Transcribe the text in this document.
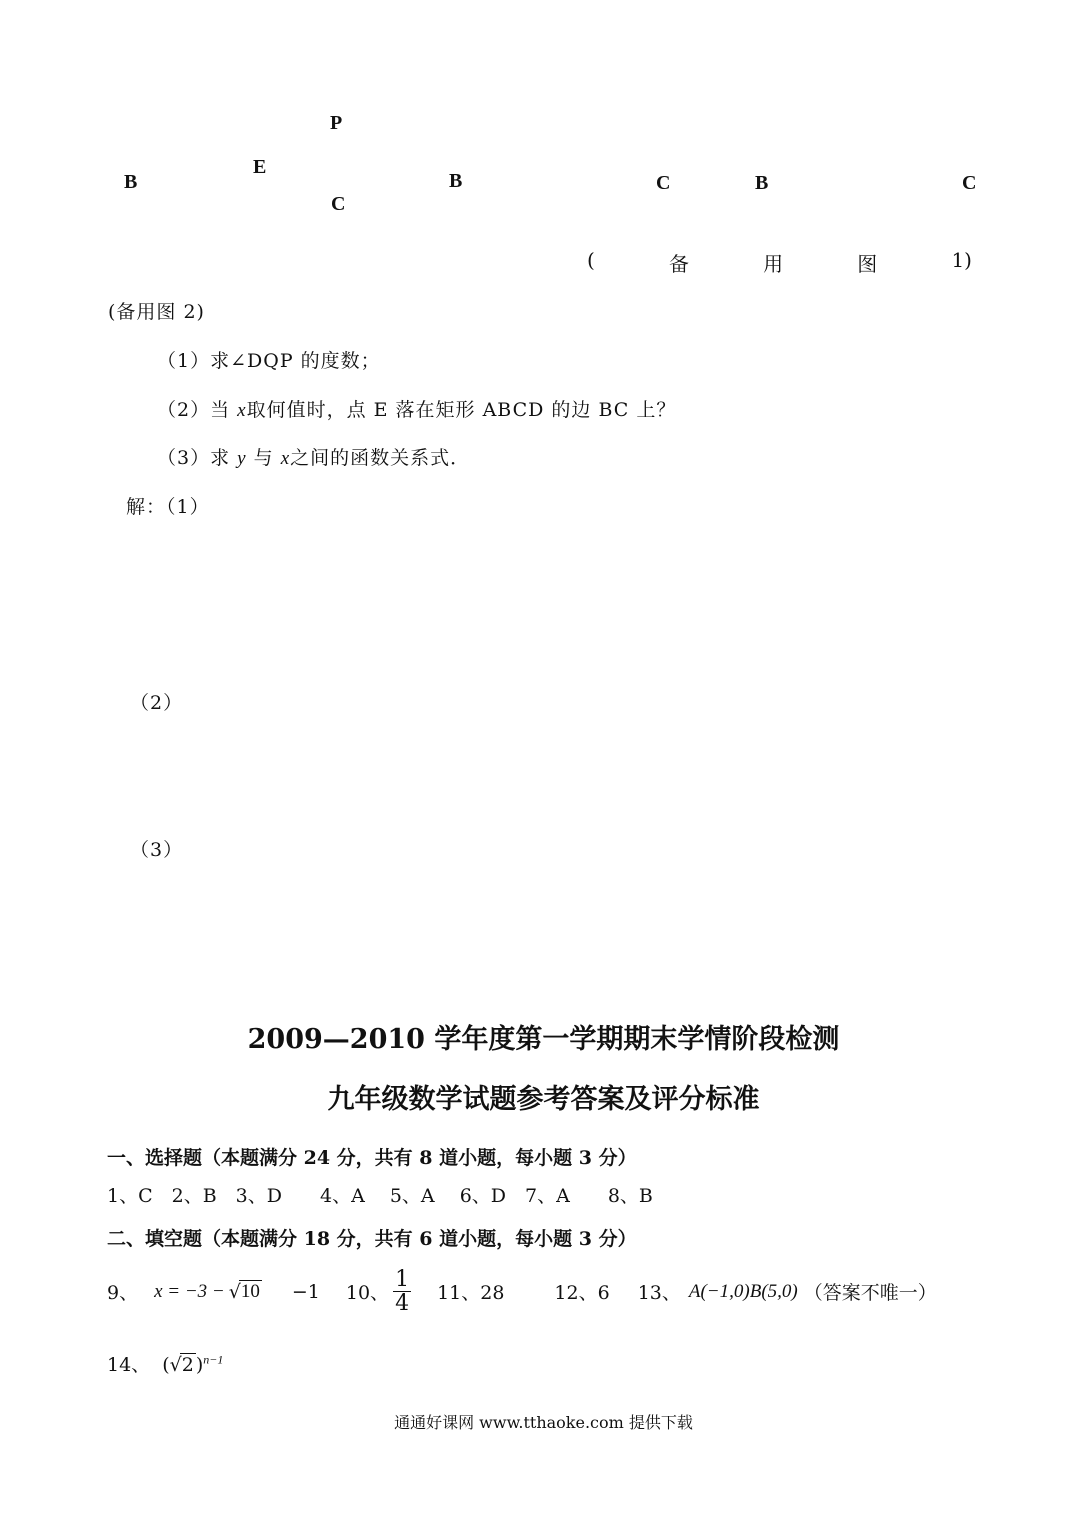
P
E
B
C
B	C	B	C
(	备	用	图	1)
(备用图 2)
（1）求∠DQP 的度数；
（2）当 x取何值时，点 E 落在矩形 ABCD 的边 BC 上？
（3）求 y 与 x之间的函数关系式．
解：（1）
（2）
（3）
2009—2010 学年度第一学期期末学情阶段检测
九年级数学试题参考答案及评分标准
一、选择题（本题满分 24 分，共有 8 道小题，每小题 3 分）
1、C　2、B　3、D　　4、A　 5、A　 6、D　7、A　　8、B
二、填空题（本题满分 18 分，共有 6 道小题，每小题 3 分）
9、 x = −3 − √ 10 −1 10、 $\frac{1}{4} 11$、28	12、6 13、 A(−1,0)B(5,0) （答案不唯一）
14、 (√2 )$^{n-1}$
通通好课网 www.tthaoke.com 提供下载
